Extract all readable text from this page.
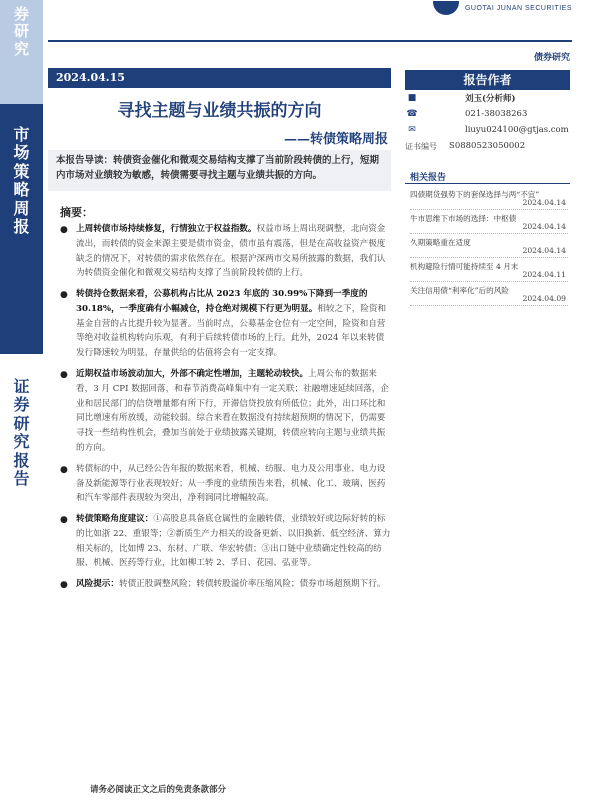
券
研
究
市
场
策
略
周
报
证
券
研
究
报
告
GUOTAI JUNAN SECURITIES
债券研究
2024.04.15
寻找主题与业绩共振的方向
——转债策略周报
本报告导读：转债资金催化和微观交易结构支撑了当前阶段转债的上行，短期内市场对业绩较为敏感，转债需要寻找主题与业绩共振的方向。
摘要：
● 上周转债市场持续修复，行情独立于权益指数。权益市场上周出现调整，北向资金流出，而转债的资金来源主要是债市资金，债市虽有震荡，但是在高收益资产极度缺乏的情况下，对转债的需求依然存在。根据沪深两市交易所披露的数据，我们认为转债资金催化和微观交易结构支撑了当前阶段转债的上行。
● 转债持仓数据来看，公募机构占比从 2023 年底的 30.99%下降到一季度的 30.18%，一季度确有小幅减仓，持仓绝对规模下行更为明显。相较之下，险资和基金自营的占比提升较为显著。当前时点，公募基金仓位有一定空间，险资和自营等绝对收益机构转向乐观，有利于后续转债市场的上行。此外，2024 年以来转债发行降速较为明显，存量供给的估值将会有一定支撑。
● 近期权益市场波动加大，外部不确定性增加，主题轮动较快。上周公布的数据来看，3 月 CPI 数据回落，和春节消费高峰集中有一定关联；社融增速延续回落，企业和居民部门的信贷增量都有所下行，开滞信贷投放有所低位；此外，出口环比和同比增速有所放缓，动能较弱。综合来看在数据没有持续超预期的情况下，仍需要寻找一些结构性机会，叠加当前处于业绩披露关键期，转债应转向主题与业绩共振的方向。
● 转债标的中，从已经公告年报的数据来看，机械、纺服、电力及公用事业、电力设备及新能源等行业表现较好；从一季度的业绩预告来看，机械、化工、玻璃、医药和汽车零部件表现较为突出，净利润同比增幅较高。
● 转债策略角度建议：①高股息具备底仓属性的金融转债，业绩较好或边际好转的标的比如浙 22、重银等；②新质生产力相关的设备更新、以旧换新、低空经济、算力相关标的，比如博 23、东材、广联、华宏转债；③出口链中业绩确定性较高的纺服、机械、医药等行业，比如柳工转 2、孚日、花园、弘亚等。
● 风险提示：转债正股调整风险；转债转股溢价率压缩风险；债券市场超预期下行。
报告作者
■	刘玉(分析师)
☎	021-38038263
✉	liuyu024100@gtjas.com
证书编号	S0880523050002
相关报告
四债期货强势下的套保选择与两“不宜”
2024.04.14
牛市思维下市场的选择：中枢债
2024.04.14
久期策略重在适度
2024.04.14
机构避险行情可能持续至 4 月末
2024.04.11
关注信用债“利率化”后的风险
2024.04.09
请务必阅读正文之后的免责条款部分
